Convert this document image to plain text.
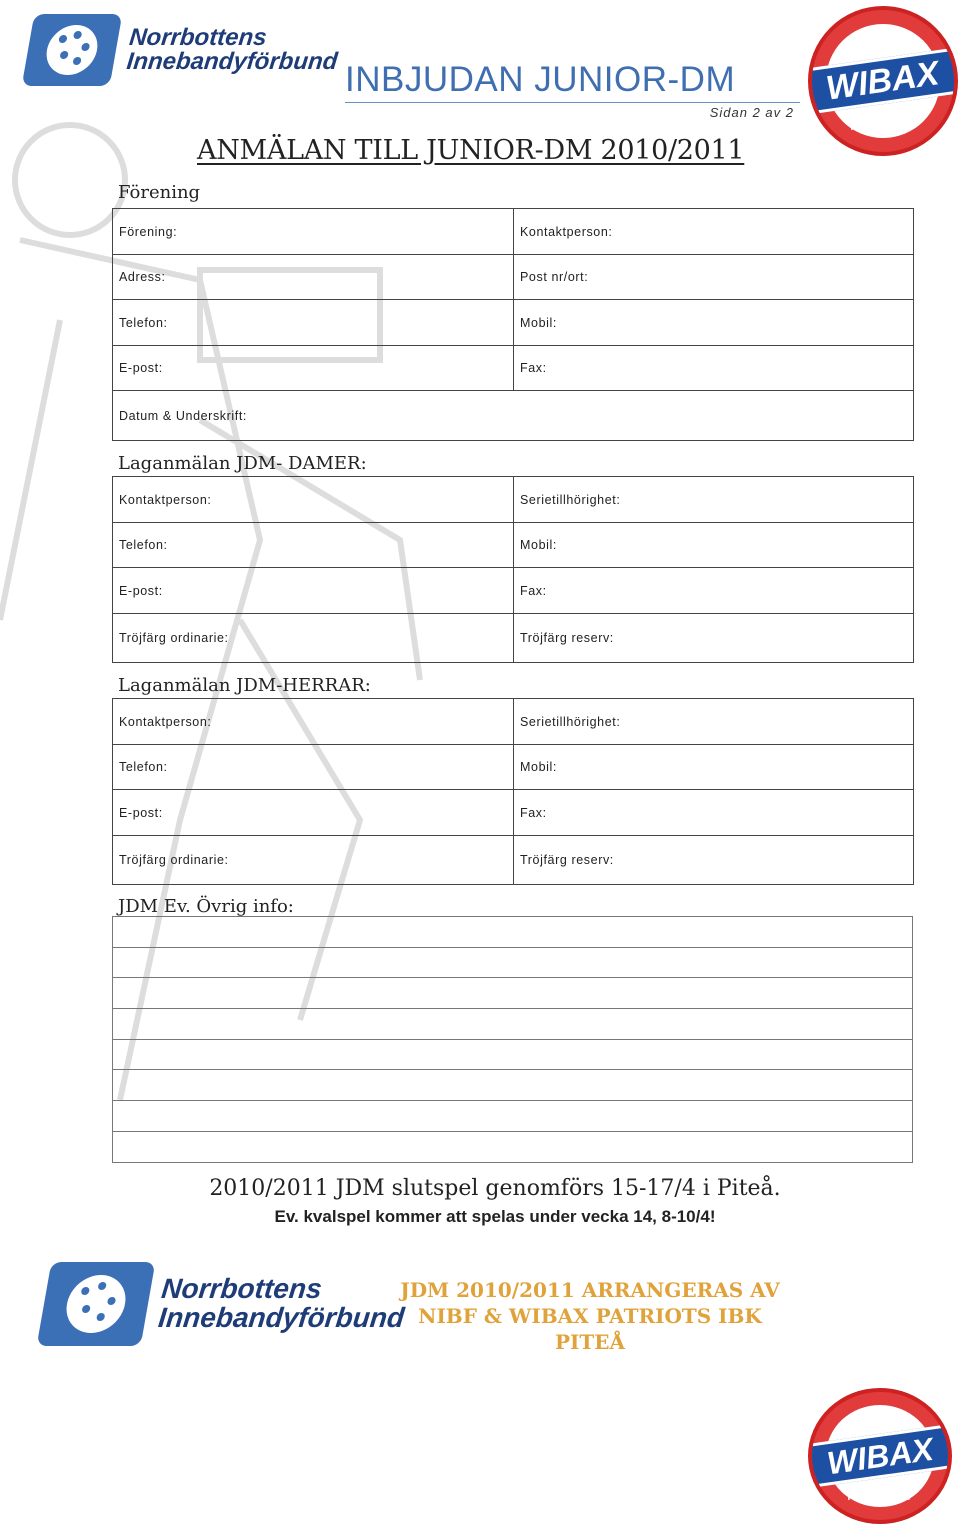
Norrbottens
Innebandyförbund INBJUDAN JUNIOR-DM
Sidan 2 av 2
WIBAX
PATRIOTS
ANMÄLAN TILL JUNIOR-DM 2010/2011
Förening
Förening:	Kontaktperson:
Adress:	Post nr/ort:
Telefon:	Mobil:
E-post:	Fax:
Datum & Underskrift:	
Laganmälan JDM- DAMER:
Kontaktperson:	Serietillhörighet:
Telefon:	Mobil:
E-post:	Fax:
Tröjfärg ordinarie:	Tröjfärg reserv:
Laganmälan JDM-HERRAR:
Kontaktperson:	Serietillhörighet:
Telefon:	Mobil:
E-post:	Fax:
Tröjfärg ordinarie:	Tröjfärg reserv:
JDM Ev. Övrig info:

2010/2011 JDM slutspel genomförs 15-17/4 i Piteå.
Ev. kvalspel kommer att spelas under vecka 14, 8-10/4!
Norrbottens
Innebandyförbund
JDM 2010/2011 ARRANGERAS AV
NIBF & WIBAX PATRIOTS IBK PITEÅ
WIBAX
PATRIOTS
